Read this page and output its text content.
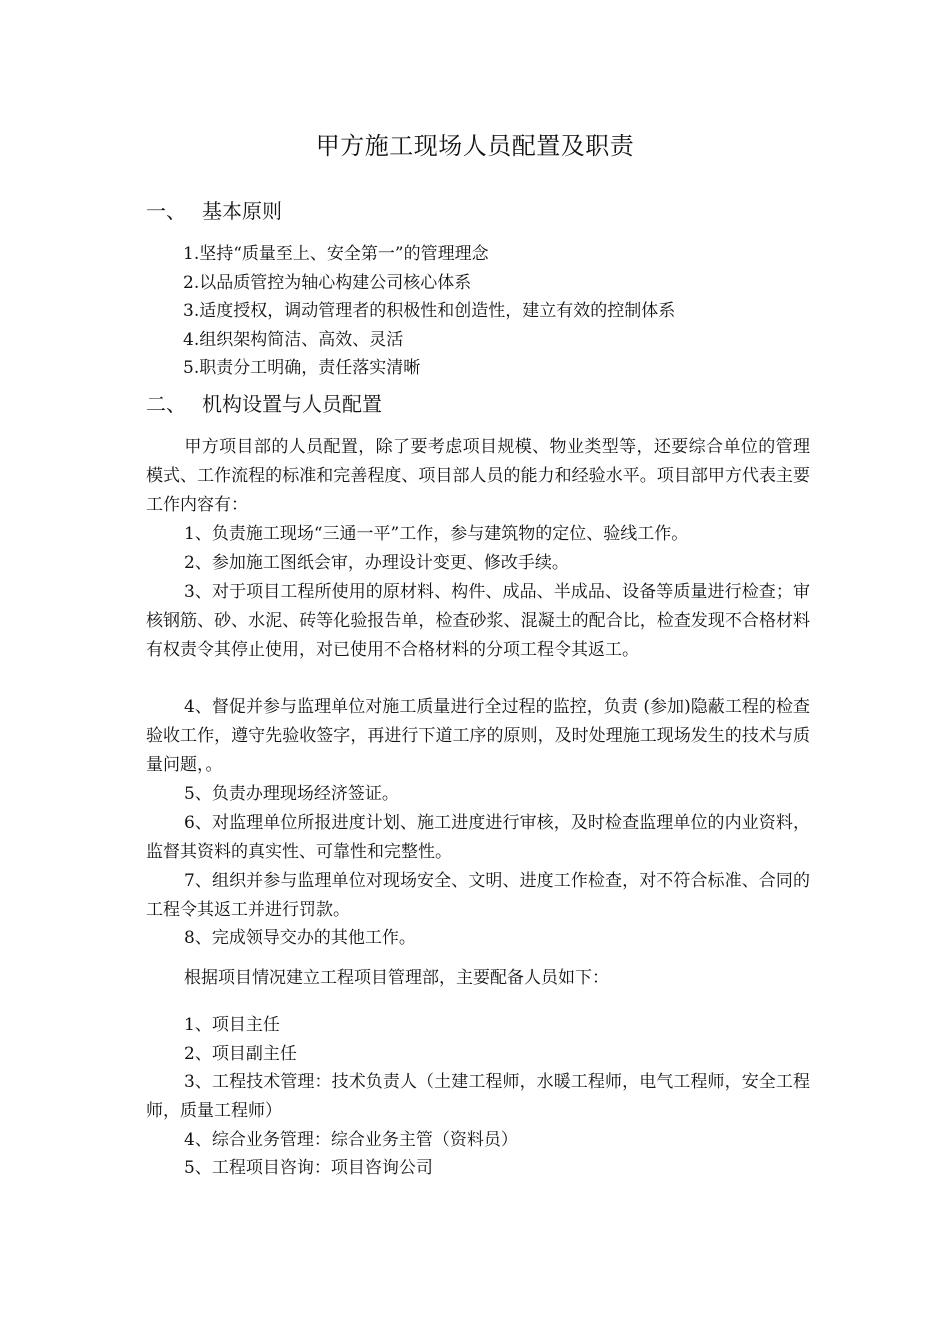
甲方施工现场人员配置及职责
一、 基本原则
1.坚持“质量至上、安全第一”的管理理念
2.以品质管控为轴心构建公司核心体系
3.适度授权，调动管理者的积极性和创造性，建立有效的控制体系
4.组织架构简洁、高效、灵活
5.职责分工明确，责任落实清晰
二、 机构设置与人员配置
甲方项目部的人员配置，除了要考虑项目规模、物业类型等，还要综合单位的管理模式、工作流程的标准和完善程度、项目部人员的能力和经验水平。项目部甲方代表主要工作内容有：
1、负责施工现场“三通一平”工作，参与建筑物的定位、验线工作。
2、参加施工图纸会审，办理设计变更、修改手续。
3、对于项目工程所使用的原材料、构件、成品、半成品、设备等质量进行检查；审核钢筋、砂、水泥、砖等化验报告单，检查砂浆、混凝土的配合比，检查发现不合格材料有权责令其停止使用，对已使用不合格材料的分项工程令其返工。
4、督促并参与监理单位对施工质量进行全过程的监控，负责 (参加)隐蔽工程的检查验收工作，遵守先验收签字，再进行下道工序的原则，及时处理施工现场发生的技术与质量问题，。
5、负责办理现场经济签证。
6、对监理单位所报进度计划、施工进度进行审核，及时检查监理单位的内业资料，监督其资料的真实性、可靠性和完整性。
7、组织并参与监理单位对现场安全、文明、进度工作检查，对不符合标准、合同的工程令其返工并进行罚款。
8、完成领导交办的其他工作。
根据项目情况建立工程项目管理部，主要配备人员如下：
1、项目主任
2、项目副主任
3、工程技术管理：技术负责人（土建工程师，水暖工程师，电气工程师，安全工程师，质量工程师）
4、综合业务管理：综合业务主管（资料员）
5、工程项目咨询：项目咨询公司
